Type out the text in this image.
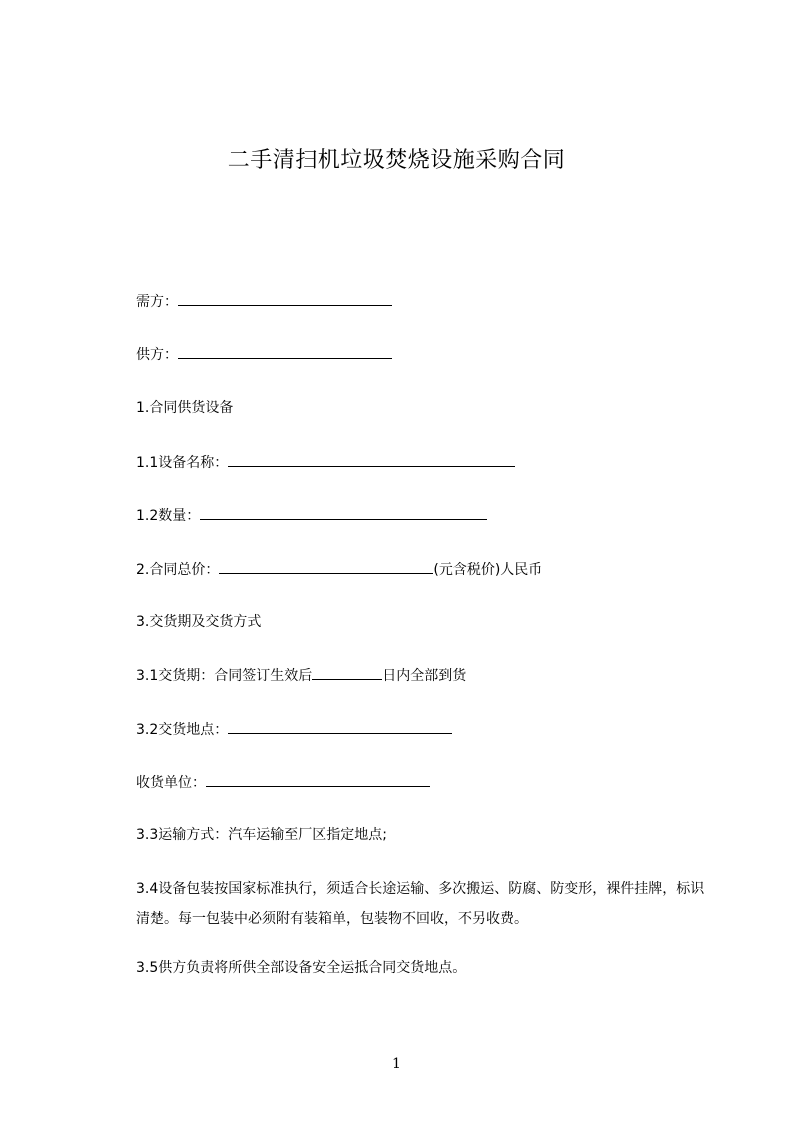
二手清扫机垃圾焚烧设施采购合同
需方：
供方：
1.合同供货设备
1.1设备名称：
1.2数量：
2.合同总价：	(元含税价)人民币
3.交货期及交货方式
3.1交货期：合同签订生效后	日内全部到货
3.2交货地点：
收货单位：
3.3运输方式：汽车运输至厂区指定地点;
3.4设备包装按国家标准执行，须适合长途运输、多次搬运、防腐、防变形，裸件挂牌，标识清楚。每一包装中必须附有装箱单，包装物不回收，不另收费。
3.5供方负责将所供全部设备安全运抵合同交货地点。
1
